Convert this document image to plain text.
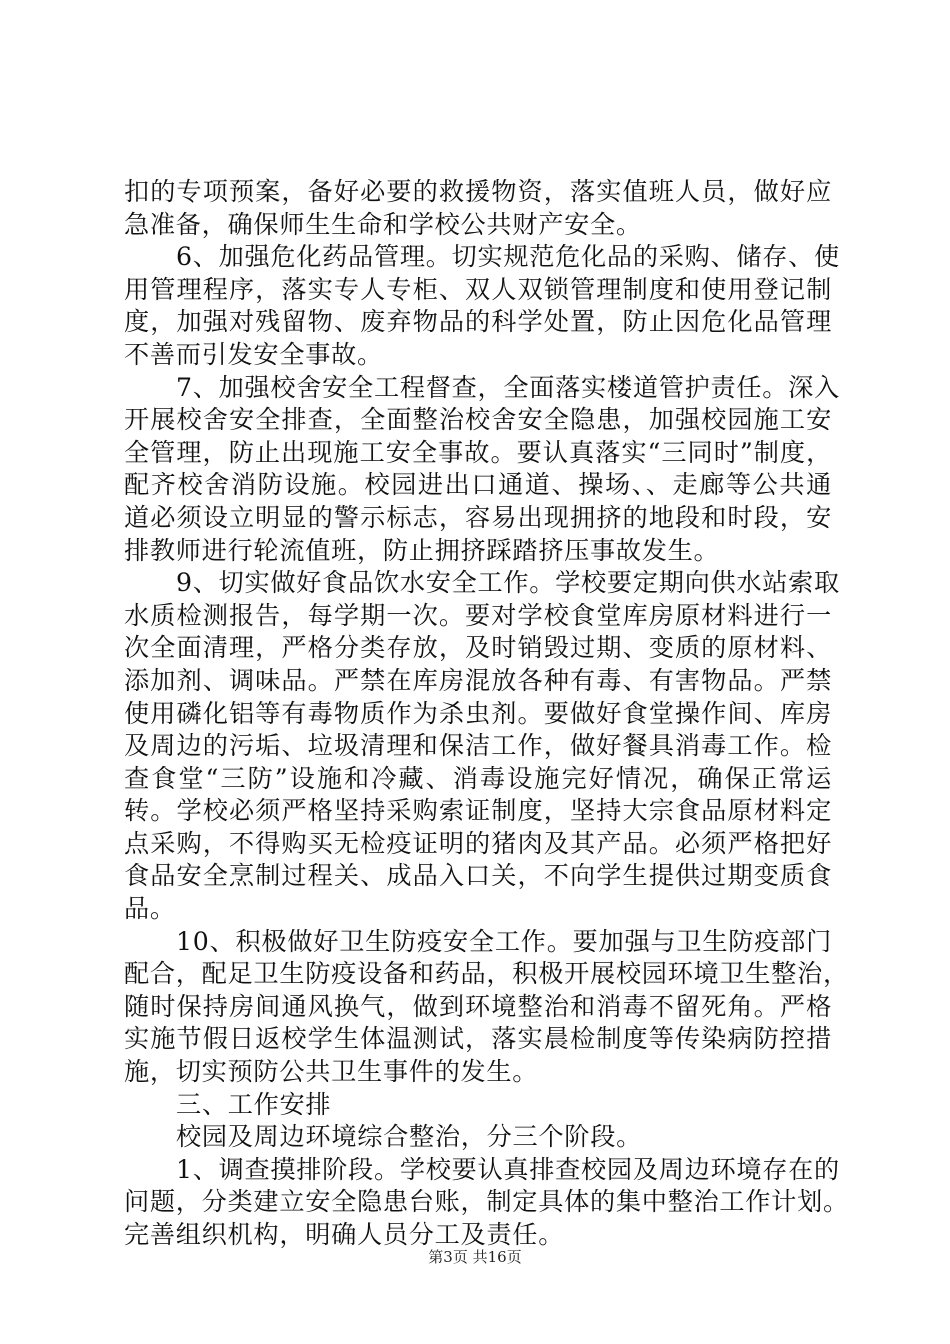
扣的专项预案，备好必要的救援物资，落实值班人员，做好应
急准备，确保师生生命和学校公共财产安全。
6、加强危化药品管理。切实规范危化品的采购、储存、使
用管理程序，落实专人专柜、双人双锁管理制度和使用登记制
度，加强对残留物、废弃物品的科学处置，防止因危化品管理
不善而引发安全事故。
7、加强校舍安全工程督查，全面落实楼道管护责任。深入
开展校舍安全排查，全面整治校舍安全隐患，加强校园施工安
全管理，防止出现施工安全事故。要认真落实“三同时”制度，
配齐校舍消防设施。校园进出口通道、操场、、走廊等公共通
道必须设立明显的警示标志，容易出现拥挤的地段和时段，安
排教师进行轮流值班，防止拥挤踩踏挤压事故发生。
9、切实做好食品饮水安全工作。学校要定期向供水站索取
水质检测报告，每学期一次。要对学校食堂库房原材料进行一
次全面清理，严格分类存放，及时销毁过期、变质的原材料、
添加剂、调味品。严禁在库房混放各种有毒、有害物品。严禁
使用磷化铝等有毒物质作为杀虫剂。要做好食堂操作间、库房
及周边的污垢、垃圾清理和保洁工作，做好餐具消毒工作。检
查食堂“三防”设施和冷藏、消毒设施完好情况，确保正常运
转。学校必须严格坚持采购索证制度，坚持大宗食品原材料定
点采购，不得购买无检疫证明的猪肉及其产品。必须严格把好
食品安全烹制过程关、成品入口关，不向学生提供过期变质食
品。
10、积极做好卫生防疫安全工作。要加强与卫生防疫部门
配合，配足卫生防疫设备和药品，积极开展校园环境卫生整治，
随时保持房间通风换气，做到环境整治和消毒不留死角。严格
实施节假日返校学生体温测试，落实晨检制度等传染病防控措
施，切实预防公共卫生事件的发生。
三、工作安排
校园及周边环境综合整治，分三个阶段。
1、调查摸排阶段。学校要认真排查校园及周边环境存在的
问题，分类建立安全隐患台账，制定具体的集中整治工作计划。
完善组织机构，明确人员分工及责任。
第3页 共16页
